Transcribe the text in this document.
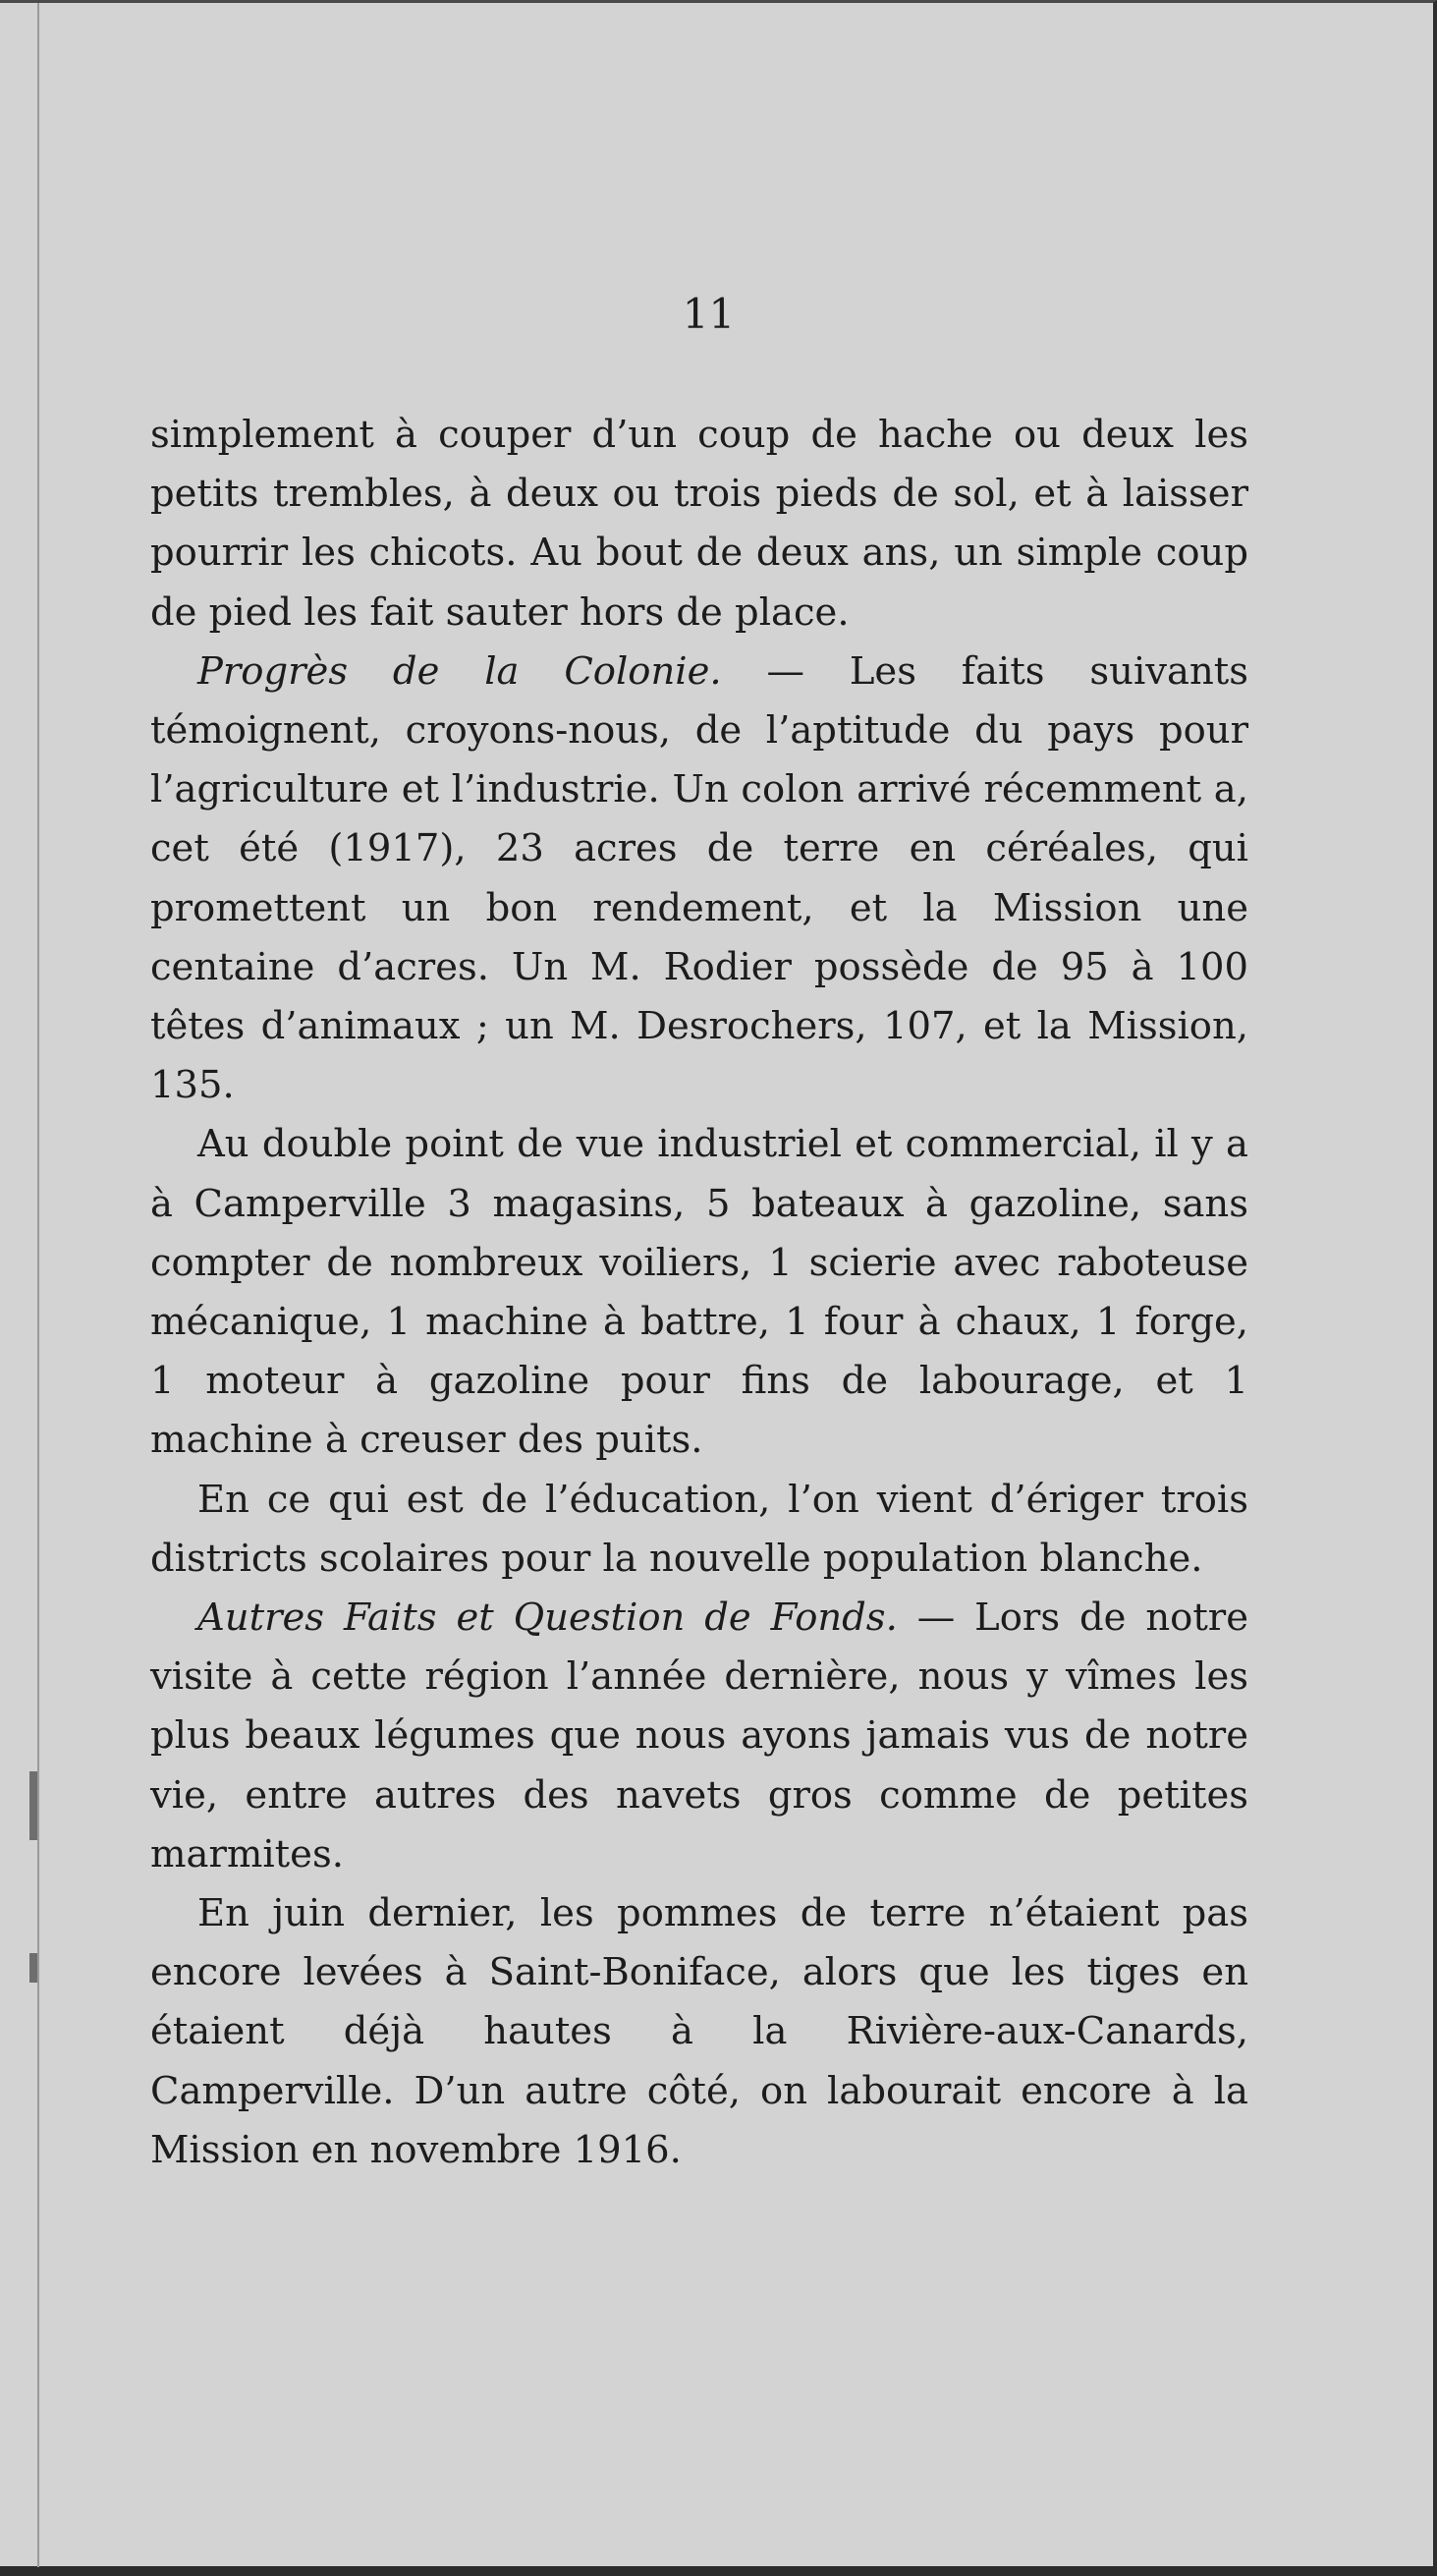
11

simplement à couper d’un coup de hache ou deux les petits trembles, à deux ou trois pieds de sol, et à laisser pourrir les chicots. Au bout de deux ans, un simple coup de pied les fait sauter hors de place.

Progrès de la Colonie. — Les faits suivants témoignent, croyons-nous, de l’aptitude du pays pour l’agriculture et l’industrie. Un colon arrivé récemment a, cet été (1917), 23 acres de terre en céréales, qui promettent un bon rendement, et la Mission une centaine d’acres. Un M. Rodier possède de 95 à 100 têtes d’animaux ; un M. Desrochers, 107, et la Mission, 135.

Au double point de vue industriel et commercial, il y a à Camperville 3 magasins, 5 bateaux à gazoline, sans compter de nombreux voiliers, 1 scierie avec raboteuse mécanique, 1 machine à battre, 1 four à chaux, 1 forge, 1 moteur à gazoline pour fins de labourage, et 1 machine à creuser des puits.

En ce qui est de l’éducation, l’on vient d’ériger trois districts scolaires pour la nouvelle population blanche.

Autres Faits et Question de Fonds. — Lors de notre visite à cette région l’année dernière, nous y vîmes les plus beaux légumes que nous ayons jamais vus de notre vie, entre autres des navets gros comme de petites marmites.

En juin dernier, les pommes de terre n’étaient pas encore levées à Saint-Boniface, alors que les tiges en étaient déjà hautes à la Rivière-aux-Canards, Camperville. D’un autre côté, on labourait encore à la Mission en novembre 1916.
